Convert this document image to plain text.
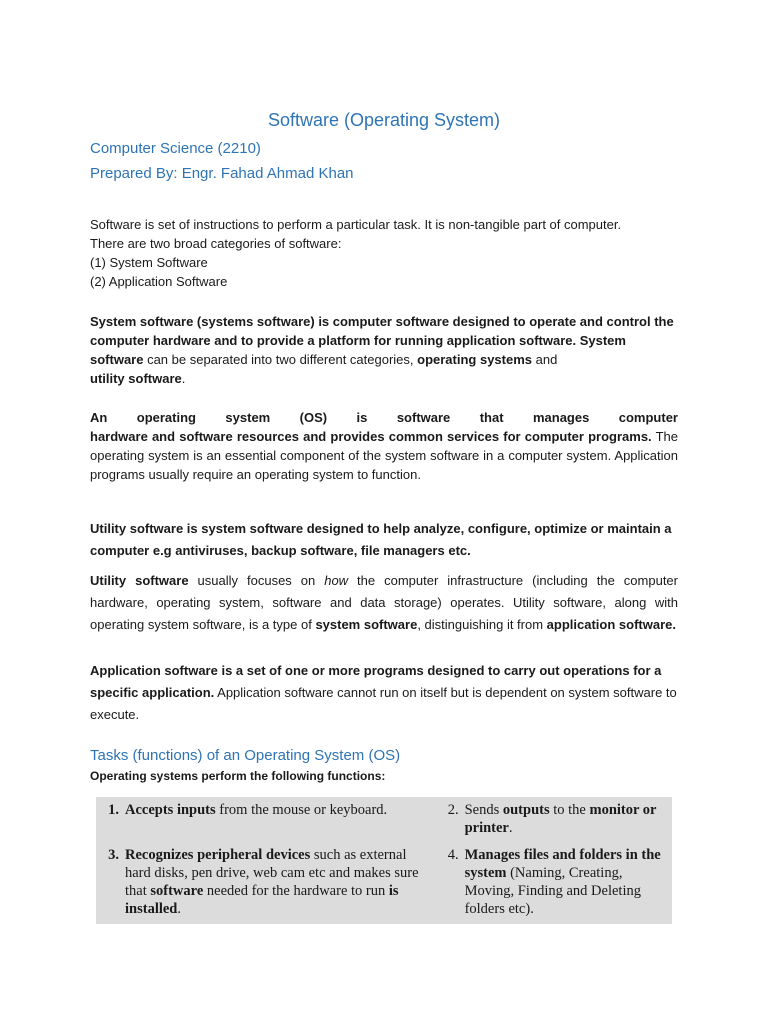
Software (Operating System)
Computer Science (2210)
Prepared By: Engr. Fahad Ahmad Khan

Software is set of instructions to perform a particular task. It is non-tangible part of computer.
There are two broad categories of software:
(1) System Software
(2) Application Software

System software (systems software) is computer software designed to operate and control the computer hardware and to provide a platform for running application software. System software can be separated into two different categories, operating systems and
utility software.

An operating system (OS) is software that manages computer
hardware and software resources and provides common services for computer programs. The operating system is an essential component of the system software in a computer system. Application programs usually require an operating system to function.

Utility software is system software designed to help analyze, configure, optimize or maintain a computer e.g antiviruses, backup software, file managers etc.

Utility software usually focuses on how the computer infrastructure (including the computer hardware, operating system, software and data storage) operates. Utility software, along with operating system software, is a type of system software, distinguishing it from application software.

Application software is a set of one or more programs designed to carry out operations for a specific application. Application software cannot run on itself but is dependent on system software to execute.

Tasks (functions) of an Operating System (OS)
Operating systems perform the following functions:
1.	Accepts inputs from the mouse or keyboard.		2.	Sends outputs to the monitor or printer.
3.	Recognizes peripheral devices such as external hard disks, pen drive, web cam etc and makes sure that software needed for the hardware to run is installed.		4.	Manages files and folders in the system (Naming, Creating, Moving, Finding and Deleting folders etc).
